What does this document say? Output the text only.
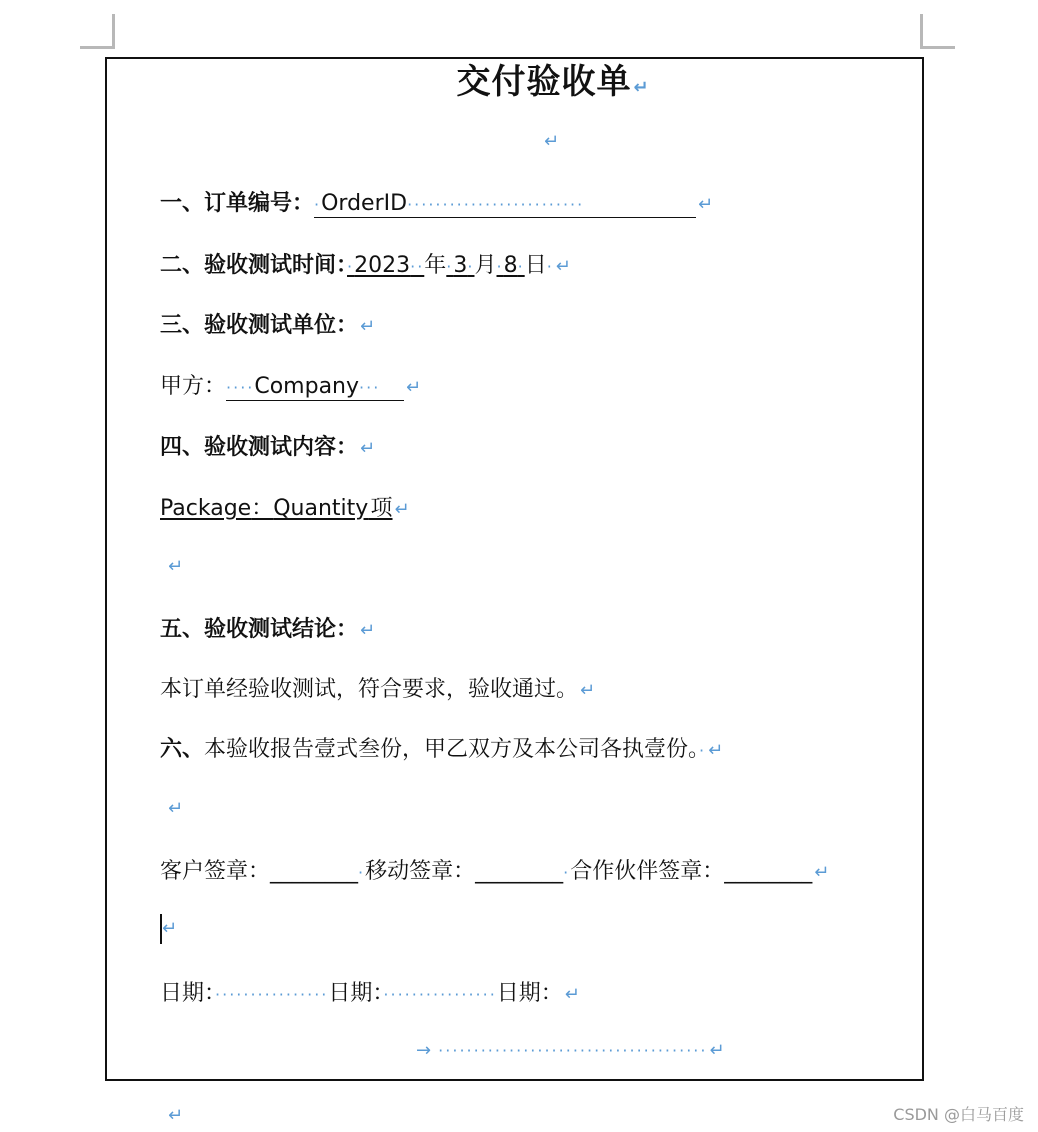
交付验收单 ↵
↵
一、订单编号：·OrderID·························	↵
二、验收测试时间：·2023··年·3·月·8·日· ↵
三、验收测试单位： ↵
甲方：····Company··· ↵
四、验收测试内容： ↵
Package：Quantity  项 ↵
↵
五、验收测试结论： ↵
本订单经验收测试，符合要求，验收通过。 ↵
六、本验收报告壹式叁份，甲乙双方及本公司各执壹份。· ↵
↵
客户签章：________·移动签章：________·合作伙伴签章：________ ↵
↵
日期：················日期：················日期： ↵
→ ······································ ↵
↵	CSDN @白马百度
